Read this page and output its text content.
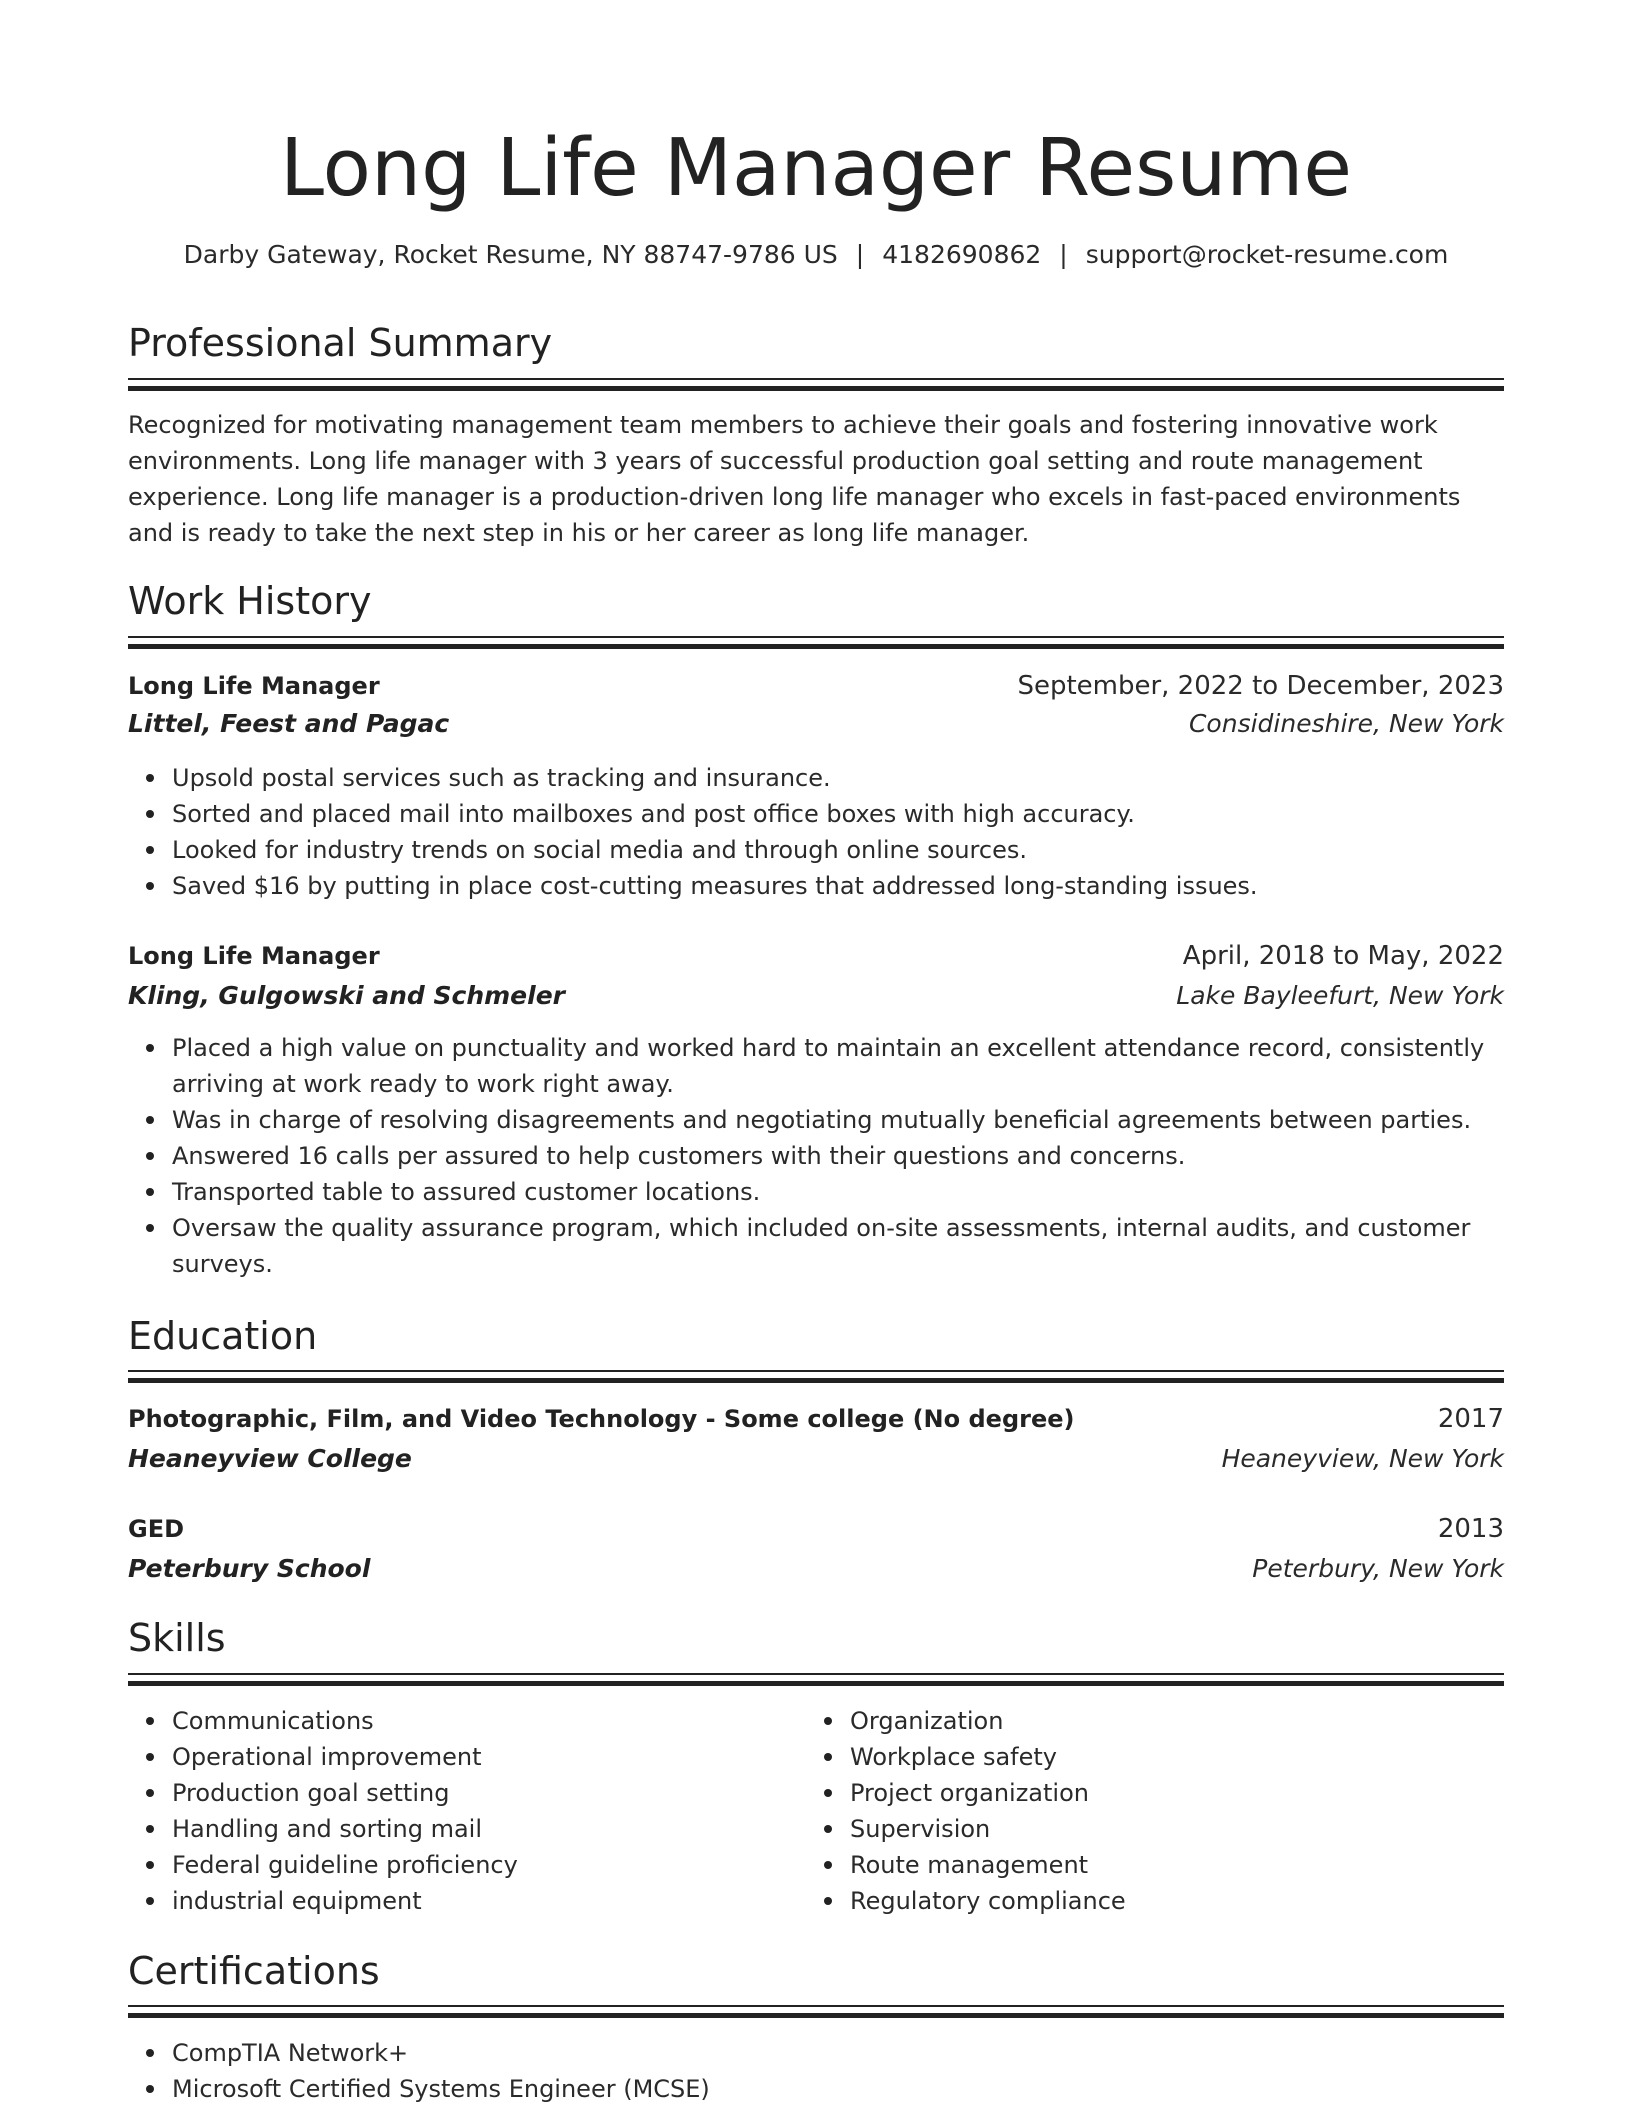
Long Life Manager Resume
Darby Gateway, Rocket Resume, NY 88747-9786 US | 4182690862 | support@rocket-resume.com
Professional Summary

Recognized for motivating management team members to achieve their goals and fostering innovative work environments. Long life manager with 3 years of successful production goal setting and route management experience. Long life manager is a production-driven long life manager who excels in fast-paced environments and is ready to take the next step in his or her career as long life manager.

Work History
Long Life Manager	September, 2022 to December, 2023
Littel, Feest and Pagac	Considineshire, New York
Upsold postal services such as tracking and insurance.
Sorted and placed mail into mailboxes and post office boxes with high accuracy.
Looked for industry trends on social media and through online sources.
Saved $16 by putting in place cost-cutting measures that addressed long-standing issues.
Long Life Manager	April, 2018 to May, 2022
Kling, Gulgowski and Schmeler	Lake Bayleefurt, New York
Placed a high value on punctuality and worked hard to maintain an excellent attendance record, consistently arriving at work ready to work right away.
Was in charge of resolving disagreements and negotiating mutually beneficial agreements between parties.
Answered 16 calls per assured to help customers with their questions and concerns.
Transported table to assured customer locations.
Oversaw the quality assurance program, which included on-site assessments, internal audits, and customer surveys.
Education
Photographic, Film, and Video Technology - Some college (No degree)	2017
Heaneyview College	Heaneyview, New York
GED	2013
Peterbury School	Peterbury, New York
Skills
Communications
Operational improvement
Production goal setting
Handling and sorting mail
Federal guideline proficiency
industrial equipment
Organization
Workplace safety
Project organization
Supervision
Route management
Regulatory compliance
Certifications
CompTIA Network+
Microsoft Certified Systems Engineer (MCSE)
